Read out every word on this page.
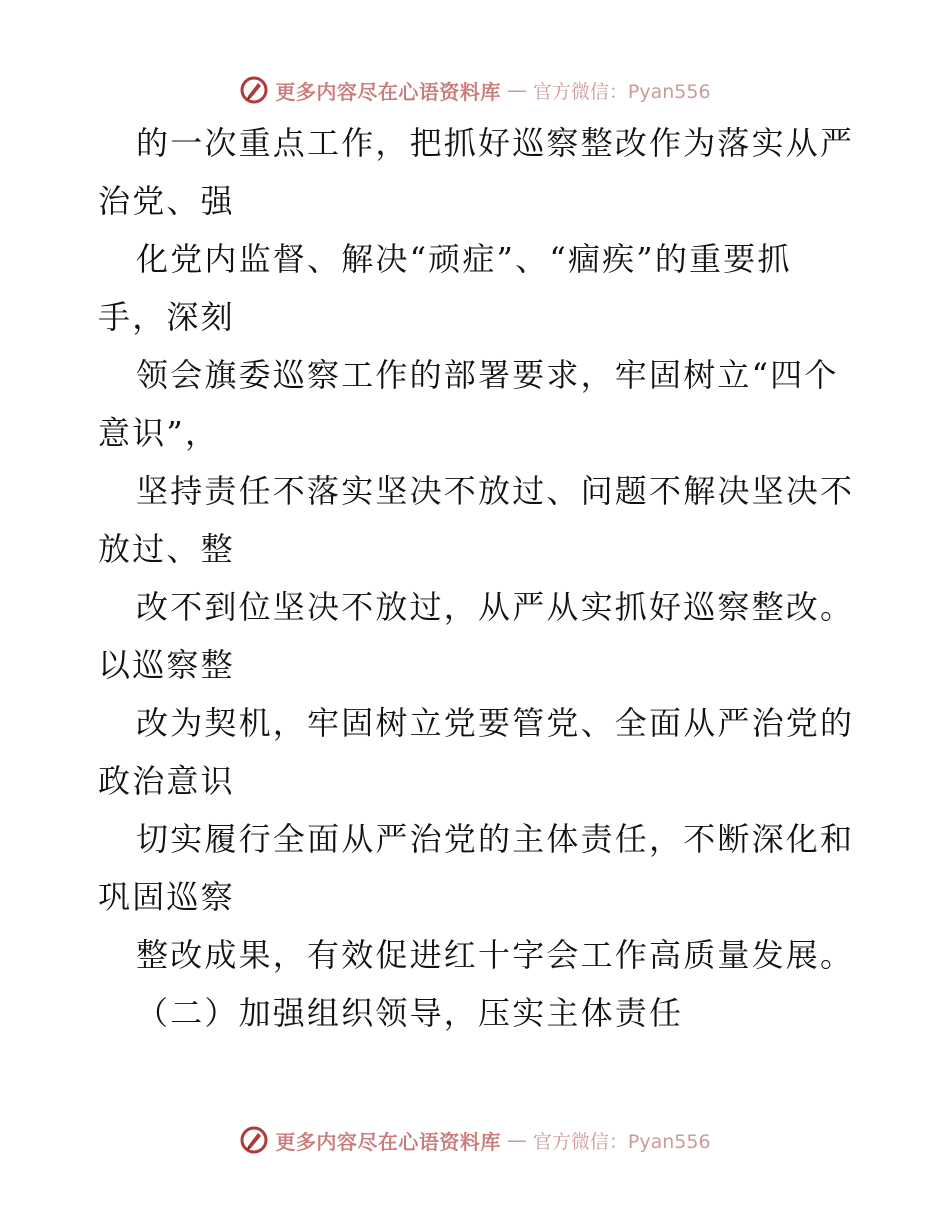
更多内容尽在心语资料库 — 官方微信：Pyan556

的一次重点工作，把抓好巡察整改作为落实从严治党、强

化党内监督、解决“顽症”、“痼疾”的重要抓手，深刻

领会旗委巡察工作的部署要求，牢固树立“四个意识”，

坚持责任不落实坚决不放过、问题不解决坚决不放过、整

改不到位坚决不放过，从严从实抓好巡察整改。以巡察整

改为契机，牢固树立党要管党、全面从严治党的政治意识

切实履行全面从严治党的主体责任，不断深化和巩固巡察

整改成果，有效促进红十字会工作高质量发展。

（二）加强组织领导，压实主体责任

更多内容尽在心语资料库 — 官方微信：Pyan556
